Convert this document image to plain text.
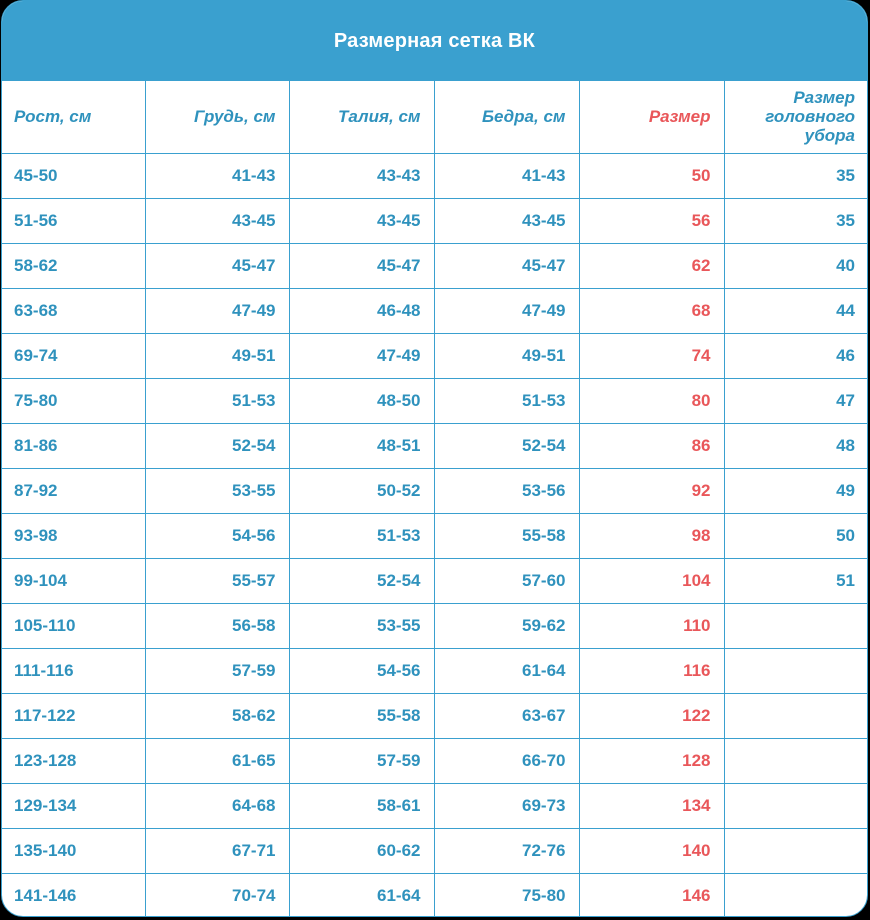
Размерная сетка ВК
Рост, см	Грудь, см	Талия, см	Бедра, см	Размер	Размер головного убора
45-50	41-43	43-43	41-43	50	35
51-56	43-45	43-45	43-45	56	35
58-62	45-47	45-47	45-47	62	40
63-68	47-49	46-48	47-49	68	44
69-74	49-51	47-49	49-51	74	46
75-80	51-53	48-50	51-53	80	47
81-86	52-54	48-51	52-54	86	48
87-92	53-55	50-52	53-56	92	49
93-98	54-56	51-53	55-58	98	50
99-104	55-57	52-54	57-60	104	51
105-110	56-58	53-55	59-62	110	
111-116	57-59	54-56	61-64	116	
117-122	58-62	55-58	63-67	122	
123-128	61-65	57-59	66-70	128	
129-134	64-68	58-61	69-73	134	
135-140	67-71	60-62	72-76	140	
141-146	70-74	61-64	75-80	146	
